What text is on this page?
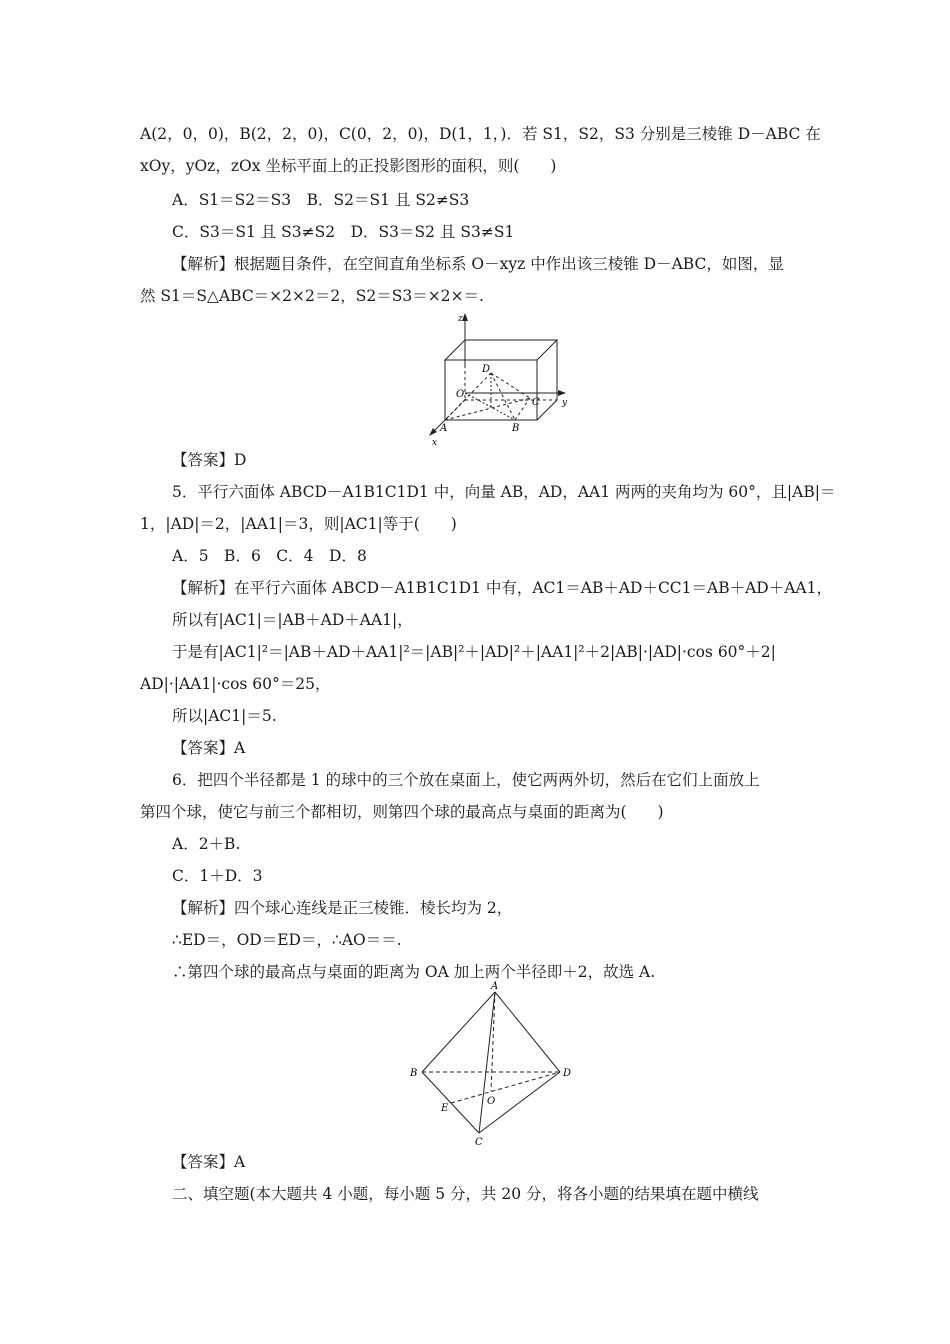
A(2，0，0)，B(2，2，0)，C(0，2，0)，D(1，1，)．若 S1，S2，S3 分别是三棱锥 D－ABC 在
xOy，yOz，zOx 坐标平面上的正投影图形的面积，则(　　)
A．S1＝S2＝S3　B．S2＝S1 且 S2≠S3
C．S3＝S1 且 S3≠S2　D．S3＝S2 且 S3≠S1
【解析】根据题目条件，在空间直角坐标系 O－xyz 中作出该三棱锥 D－ABC，如图，显
然 S1＝S△ABC＝×2×2＝2，S2＝S3＝×2×＝.
z
y
x
O
D
A	B
C
【答案】D
5．平行六面体 ABCD－A1B1C1D1 中，向量 AB，AD，AA1 两两的夹角均为 60°，且|AB|＝
1，|AD|＝2，|AA1|＝3，则|AC1|等于(　　)
A．5　B．6　C．4　D．8
【解析】在平行六面体 ABCD－A1B1C1D1 中有，AC1＝AB＋AD＋CC1＝AB＋AD＋AA1，
所以有|AC1|＝|AB＋AD＋AA1|，
于是有|AC1|²＝|AB＋AD＋AA1|²＝|AB|²＋|AD|²＋|AA1|²＋2|AB|·|AD|·cos 60°＋2|
AD|·|AA1|·cos 60°＝25，
所以|AC1|＝5.
【答案】A
6．把四个半径都是 1 的球中的三个放在桌面上，使它两两外切，然后在它们上面放上
第四个球，使它与前三个都相切，则第四个球的最高点与桌面的距离为(　　)
A．2＋B.
C．1＋D．3
【解析】四个球心连线是正三棱锥．棱长均为 2，
∴ED＝，OD＝ED＝，∴AO＝＝.
∴第四个球的最高点与桌面的距离为 OA 加上两个半径即＋2，故选 A.
A
B
C
D
E
O
【答案】A
二、填空题(本大题共 4 小题，每小题 5 分，共 20 分，将各小题的结果填在题中横线
